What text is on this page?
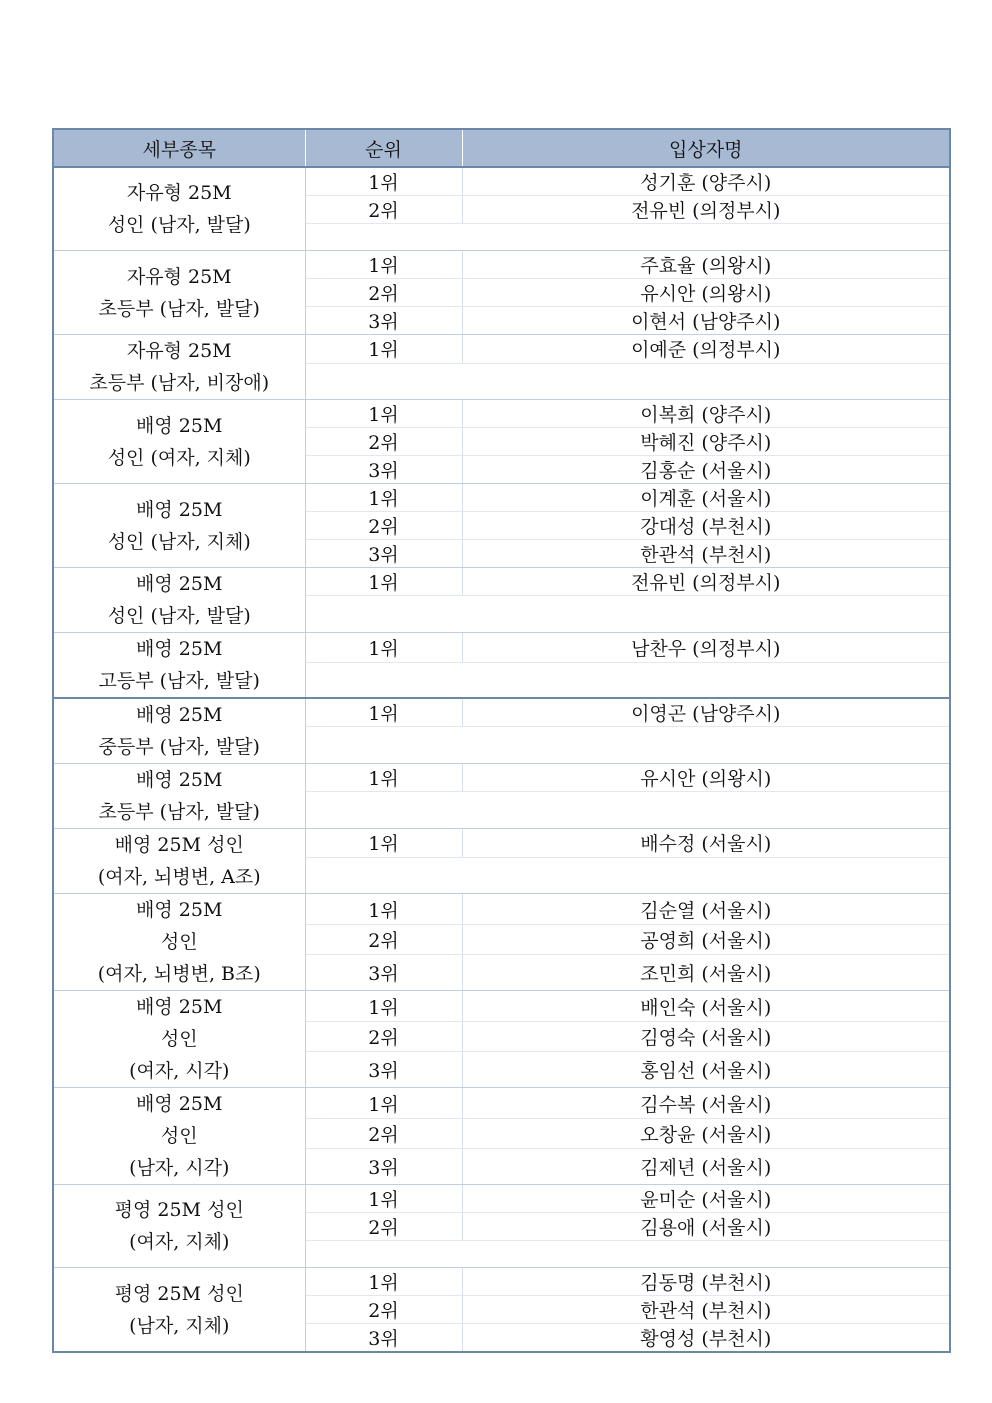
세부종목	순위	입상자명

자유형 25M
성인 (남자, 발달)	1위	성기훈 (양주시)
	2위	전유빈 (의정부시)

자유형 25M
초등부 (남자, 발달)	1위	주효율 (의왕시)
	2위	유시안 (의왕시)
	3위	이현서 (남양주시)

자유형 25M
초등부 (남자, 비장애)	1위	이예준 (의정부시)

배영 25M
성인 (여자, 지체)	1위	이복희 (양주시)
	2위	박혜진 (양주시)
	3위	김홍순 (서울시)

배영 25M
성인 (남자, 지체)	1위	이계훈 (서울시)
	2위	강대성 (부천시)
	3위	한관석 (부천시)

배영 25M
성인 (남자, 발달)	1위	전유빈 (의정부시)

배영 25M
고등부 (남자, 발달)	1위	남찬우 (의정부시)

배영 25M
중등부 (남자, 발달)	1위	이영곤 (남양주시)

배영 25M
초등부 (남자, 발달)	1위	유시안 (의왕시)

배영 25M 성인
(여자, 뇌병변, A조)	1위	배수정 (서울시)

배영 25M
성인
(여자, 뇌병변, B조)	1위	김순열 (서울시)
	2위	공영희 (서울시)
	3위	조민희 (서울시)

배영 25M
성인
(여자, 시각)	1위	배인숙 (서울시)
	2위	김영숙 (서울시)
	3위	홍임선 (서울시)

배영 25M
성인
(남자, 시각)	1위	김수복 (서울시)
	2위	오창윤 (서울시)
	3위	김제년 (서울시)

평영 25M 성인
(여자, 지체)	1위	윤미순 (서울시)
	2위	김용애 (서울시)

평영 25M 성인
(남자, 지체)	1위	김동명 (부천시)
	2위	한관석 (부천시)
	3위	황영성 (부천시)
